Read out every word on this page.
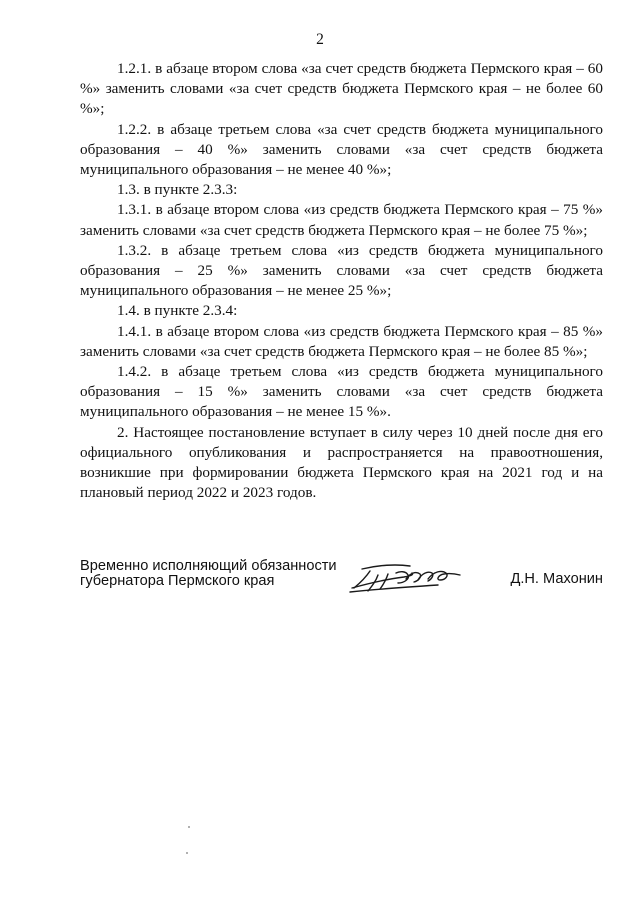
2

1.2.1. в абзаце втором слова «за счет средств бюджета Пермского края – 60 %» заменить словами «за счет средств бюджета Пермского края – не более 60 %»;

1.2.2. в абзаце третьем слова «за счет средств бюджета муниципального образования – 40 %» заменить словами «за счет средств бюджета муниципального образования – не менее 40 %»;

1.3. в пункте 2.3.3:

1.3.1. в абзаце втором слова «из средств бюджета Пермского края – 75 %» заменить словами «за счет средств бюджета Пермского края – не более 75 %»;

1.3.2. в абзаце третьем слова «из средств бюджета муниципального образования – 25 %» заменить словами «за счет средств бюджета муниципального образования – не менее 25 %»;

1.4. в пункте 2.3.4:

1.4.1. в абзаце втором слова «из средств бюджета Пермского края – 85 %» заменить словами «за счет средств бюджета Пермского края – не более 85 %»;

1.4.2. в абзаце третьем слова «из средств бюджета муниципального образования – 15 %» заменить словами «за счет средств бюджета муниципального образования – не менее 15 %».

2. Настоящее постановление вступает в силу через 10 дней после дня его официального опубликования и распространяется на правоотношения, возникшие при формировании бюджета Пермского края на 2021 год и на плановый период 2022 и 2023 годов.

Временно исполняющий обязанности
губернатора Пермского края	Д.Н. Махонин
